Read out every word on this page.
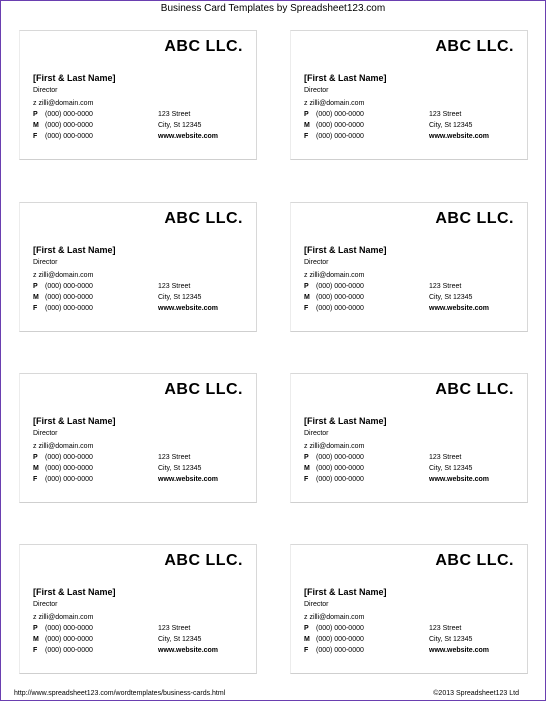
Business Card Templates by Spreadsheet123.com
ABC LLC.
[First & Last Name]
Director
z zilli@domain.com
P (000) 000-0000	123 Street
M (000) 000-0000	City, St 12345
F (000) 000-0000	www.website.com
ABC LLC.
[First & Last Name]
Director
z zilli@domain.com
P (000) 000-0000	123 Street
M (000) 000-0000	City, St 12345
F (000) 000-0000	www.website.com
ABC LLC.
[First & Last Name]
Director
z zilli@domain.com
P (000) 000-0000	123 Street
M (000) 000-0000	City, St 12345
F (000) 000-0000	www.website.com
ABC LLC.
[First & Last Name]
Director
z zilli@domain.com
P (000) 000-0000	123 Street
M (000) 000-0000	City, St 12345
F (000) 000-0000	www.website.com
ABC LLC.
[First & Last Name]
Director
z zilli@domain.com
P (000) 000-0000	123 Street
M (000) 000-0000	City, St 12345
F (000) 000-0000	www.website.com
ABC LLC.
[First & Last Name]
Director
z zilli@domain.com
P (000) 000-0000	123 Street
M (000) 000-0000	City, St 12345
F (000) 000-0000	www.website.com
ABC LLC.
[First & Last Name]
Director
z zilli@domain.com
P (000) 000-0000	123 Street
M (000) 000-0000	City, St 12345
F (000) 000-0000	www.website.com
ABC LLC.
[First & Last Name]
Director
z zilli@domain.com
P (000) 000-0000	123 Street
M (000) 000-0000	City, St 12345
F (000) 000-0000	www.website.com
http://www.spreadsheet123.com/wordtemplates/business-cards.html	©2013 Spreadsheet123 Ltd
